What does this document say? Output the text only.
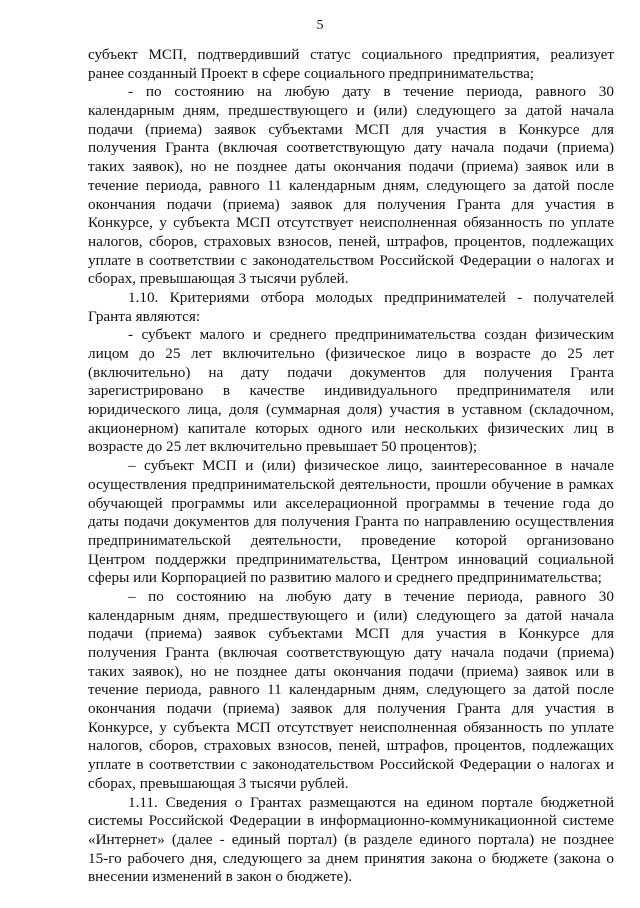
5
субъект МСП, подтвердивший статус социального предприятия, реализует
ранее созданный Проект в сфере социального предпринимательства;
- по состоянию на любую дату в течение периода, равного 30
календарным дням, предшествующего и (или) следующего за датой начала
подачи (приема) заявок субъектами МСП для участия в Конкурсе для
получения Гранта (включая соответствующую дату начала подачи (приема)
таких заявок), но не позднее даты окончания подачи (приема) заявок или в
течение периода, равного 11 календарным дням, следующего за датой после
окончания подачи (приема) заявок для получения Гранта для участия в
Конкурсе, у субъекта МСП отсутствует неисполненная обязанность по уплате
налогов, сборов, страховых взносов, пеней, штрафов, процентов, подлежащих
уплате в соответствии с законодательством Российской Федерации о налогах и
сборах, превышающая 3 тысячи рублей.
1.10. Критериями отбора молодых предпринимателей - получателей
Гранта являются:
- субъект малого и среднего предпринимательства создан физическим
лицом до 25 лет включительно (физическое лицо в возрасте до 25 лет
(включительно) на дату подачи документов для получения Гранта
зарегистрировано в качестве индивидуального предпринимателя или
юридического лица, доля (суммарная доля) участия в уставном (складочном,
акционерном) капитале которых одного или нескольких физических лиц в
возрасте до 25 лет включительно превышает 50 процентов);
– субъект МСП и (или) физическое лицо, заинтересованное в начале
осуществления предпринимательской деятельности, прошли обучение в рамках
обучающей программы или акселерационной программы в течение года до
даты подачи документов для получения Гранта по направлению осуществления
предпринимательской деятельности, проведение которой организовано
Центром поддержки предпринимательства, Центром инноваций социальной
сферы или Корпорацией по развитию малого и среднего предпринимательства;
– по состоянию на любую дату в течение периода, равного 30
календарным дням, предшествующего и (или) следующего за датой начала
подачи (приема) заявок субъектами МСП для участия в Конкурсе для
получения Гранта (включая соответствующую дату начала подачи (приема)
таких заявок), но не позднее даты окончания подачи (приема) заявок или в
течение периода, равного 11 календарным дням, следующего за датой после
окончания подачи (приема) заявок для получения Гранта для участия в
Конкурсе, у субъекта МСП отсутствует неисполненная обязанность по уплате
налогов, сборов, страховых взносов, пеней, штрафов, процентов, подлежащих
уплате в соответствии с законодательством Российской Федерации о налогах и
сборах, превышающая 3 тысячи рублей.
1.11. Сведения о Грантах размещаются на едином портале бюджетной
системы Российской Федерации в информационно-коммуникационной системе
«Интернет» (далее - единый портал) (в разделе единого портала) не позднее
15-го рабочего дня, следующего за днем принятия закона о бюджете (закона о
внесении изменений в закон о бюджете).
